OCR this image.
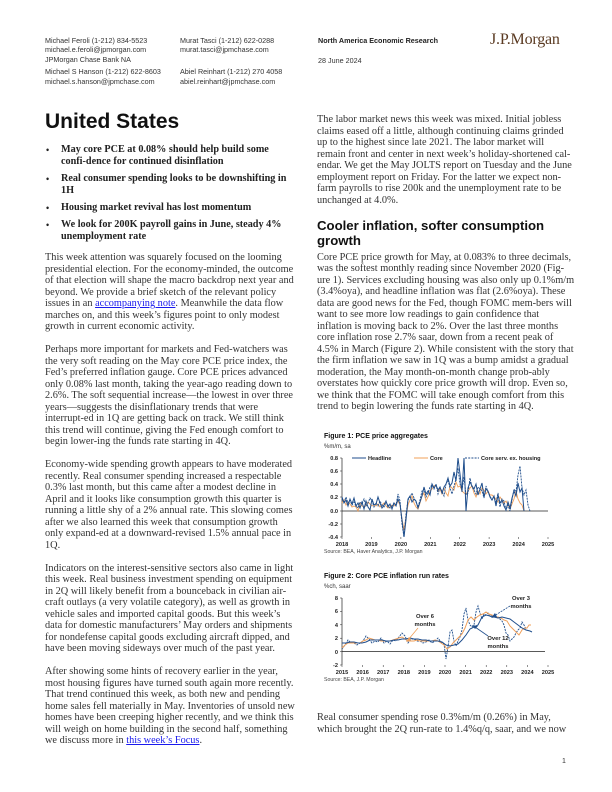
Michael Feroli (1-212) 834-5523
michael.e.feroli@jpmorgan.com
JPMorgan Chase Bank NA
Michael S Hanson (1-212) 622-8603
michael.s.hanson@jpmchase.com
Murat Tasci (1-212) 622-0288
murat.tasci@jpmchase.com
Abiel Reinhart (1-212) 270 4058
abiel.reinhart@jpmchase.com
North America Economic Research
28 June 2024
J.P.Morgan
United States
• May core PCE at 0.08% should help build some confi-dence for continued disinflation
• Real consumer spending looks to be downshifting in 1H
• Housing market revival has lost momentum
• We look for 200K payroll gains in June, steady 4% unemployment rate

This week attention was squarely focused on the looming presidential election. For the economy-minded, the outcome of that election will shape the macro backdrop next year and beyond. We provide a brief sketch of the relevant policy issues in an accompanying note. Meanwhile the data flow marches on, and this week’s figures point to only modest growth in current economic activity.

Perhaps more important for markets and Fed-watchers was the very soft reading on the May core PCE price index, the Fed’s preferred inflation gauge. Core PCE prices advanced only 0.08% last month, taking the year-ago reading down to 2.6%. The soft sequential increase—the lowest in over three years—suggests the disinflationary trends that were interrupt-ed in 1Q are getting back on track. We still think this trend will continue, giving the Fed enough comfort to begin lower-ing the funds rate starting in 4Q.

Economy-wide spending growth appears to have moderated recently. Real consumer spending increased a respectable 0.3% last month, but this came after a modest decline in April and it looks like consumption growth this quarter is running a little shy of a 2% annual rate. This slowing comes after we also learned this week that consumption growth only expand-ed at a downward-revised 1.5% annual pace in 1Q.

Indicators on the interest-sensitive sectors also came in light this week. Real business investment spending on equipment in 2Q will likely benefit from a bounceback in civilian air-craft outlays (a very volatile category), as well as growth in vehicle sales and imported capital goods. But this week’s data for domestic manufacturers’ May orders and shipments for nondefense capital goods excluding aircraft dipped, and have been moving sideways over much of the past year.

After showing some hints of recovery earlier in the year, most housing figures have turned south again more recently. That trend continued this week, as both new and pending home sales fell materially in May. Inventories of unsold new homes have been creeping higher recently, and we think this will weigh on home building in the second half, something we discuss more in this week’s Focus.

The labor market news this week was mixed. Initial jobless claims eased off a little, although continuing claims grinded up to the highest since late 2021. The labor market will remain front and center in next week’s holiday-shortened cal-endar. We get the May JOLTS report on Tuesday and the June employment report on Friday. For the latter we expect non-farm payrolls to rise 200k and the unemployment rate to be unchanged at 4.0%.

Cooler inflation, softer consumption growth

Core PCE price growth for May, at 0.083% to three decimals, was the softest monthly reading since November 2020 (Fig-ure 1). Services excluding housing was also only up 0.1%m/m (3.4%oya), and headline inflation was flat (2.6%oya). These data are good news for the Fed, though FOMC mem-bers will want to see more low readings to gain confidence that inflation is moving back to 2%. Over the last three months core inflation rose 2.7% saar, down from a recent peak of 4.5% in March (Figure 2). While consistent with the story that the firm inflation we saw in 1Q was a bump amidst a gradual moderation, the May month-on-month change prob-ably overstates how quickly core price growth will drop. Even so, we think that the FOMC will take enough comfort from this trend to begin lowering the funds rate starting in 4Q.

Figure 1: PCE price aggregates
%m/m, sa
0.8
0.6
0.4
0.2
0.0
-0.2
-0.4
2018	2019	2020	2021	2022	2023	2024	2025
Headline	Core	Core serv. ex. housing
Source: BEA, Haver Analytics, J.P. Morgan
Figure 2: Core PCE inflation run rates
%ch, saar
8
6
4
2
0
-2
2015 2016 2017 2018 2019 2020 2021 2022 2023 2024 2025
Over 6
months
Over 3
months
Over 12
months
Source: BEA, J.P. Morgan

Real consumer spending rose 0.3%m/m (0.26%) in May, which brought the 2Q run-rate to 1.4%q/q, saar, and we now

1
